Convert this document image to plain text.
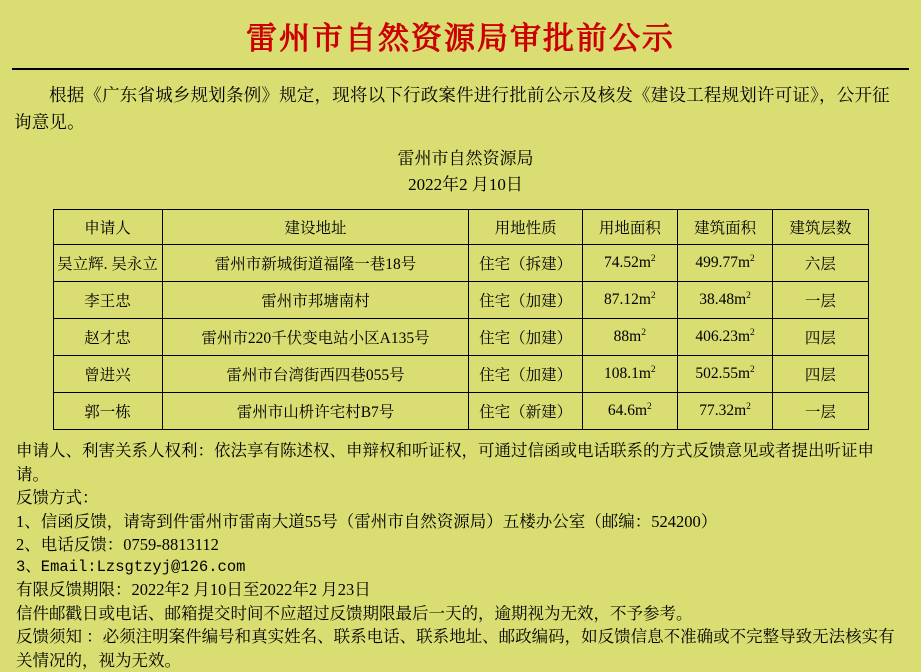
雷州市自然资源局审批前公示
根据《广东省城乡规划条例》规定，现将以下行政案件进行批前公示及核发《建设工程规划许可证》，公开征询意见。
雷州市自然资源局
2022年2 月10日
申请人	建设地址	用地性质	用地面积	建筑面积	建筑层数
吴立辉. 吴永立	雷州市新城街道福隆一巷18号	住宅（拆建）	$74.52m^2$	$499.77m^2$	六层
李王忠	雷州市邦塘南村	住宅（加建）	$87.12m^2$	$38.48m^2$	一层
赵才忠	雷州市220千伏变电站小区A135号	住宅（加建）	$88m^2$	$406.23m^2$	四层
曾进兴	雷州市台湾街西四巷055号	住宅（加建）	$108.1m^2$	$502.55m^2$	四层
郭一栋	雷州市山枡许宅村B7号	住宅（新建）	$64.6m^2$	$77.32m^2$	一层

申请人、利害关系人权利：依法享有陈述权、申辩权和听证权，可通过信函或电话联系的方式反馈意见或者提出听证申请。

反馈方式：

1、信函反馈，请寄到件雷州市雷南大道55号（雷州市自然资源局）五楼办公室（邮编：524200）

2、电话反馈：0759-8813112

3、Email:Lzsgtzyj@126.com

有限反馈期限：2022年2 月10日至2022年2 月23日

信件邮戳日或电话、邮箱提交时间不应超过反馈期限最后一天的，逾期视为无效，不予参考。

反馈须知 ：必须注明案件编号和真实姓名、联系电话、联系地址、邮政编码，如反馈信息不准确或不完整导致无法核实有关情况的，视为无效。
